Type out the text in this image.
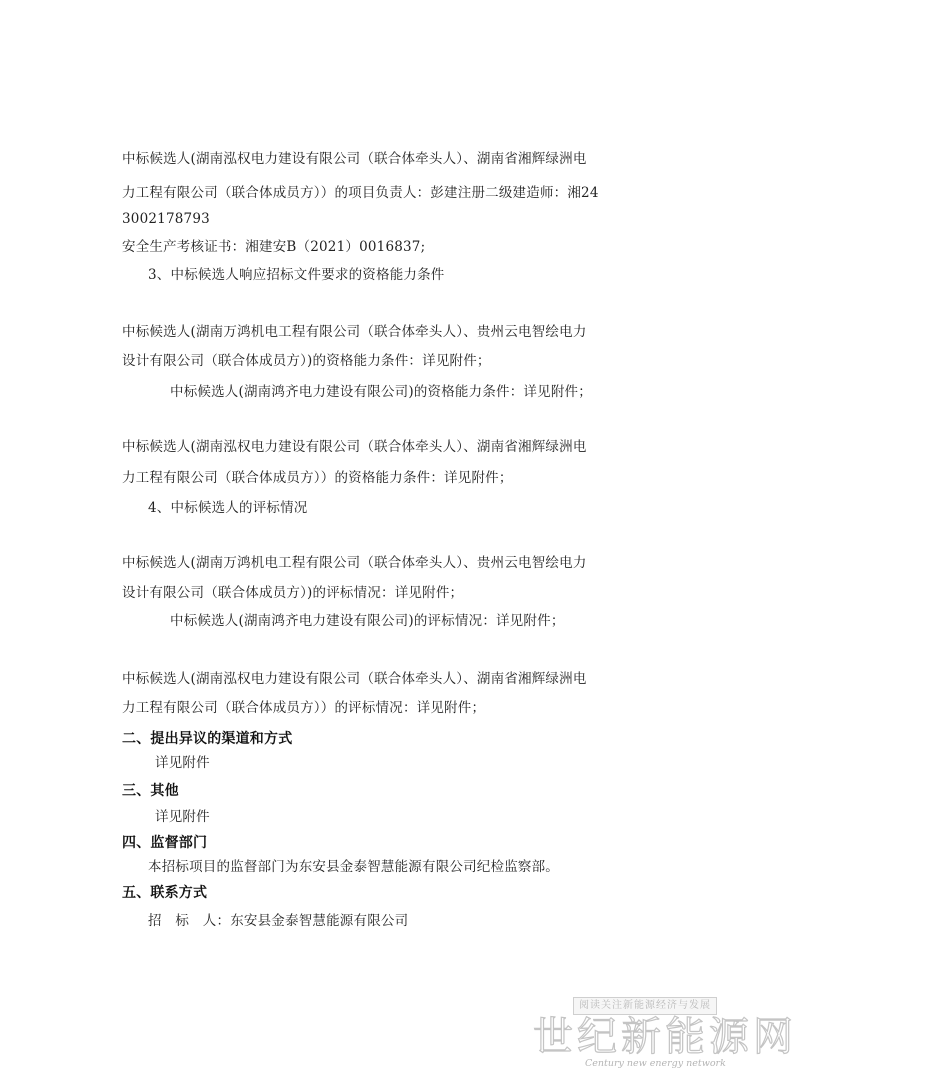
中标候选人(湖南泓权电力建设有限公司（联合体牵头人）、湖南省湘辉绿洲电
力工程有限公司（联合体成员方））的项目负责人：彭建注册二级建造师：湘24
3002178793
安全生产考核证书：湘建安B（2021）0016837;
3、中标候选人响应招标文件要求的资格能力条件
中标候选人(湖南万鸿机电工程有限公司（联合体牵头人）、贵州云电智绘电力
设计有限公司（联合体成员方）)的资格能力条件：详见附件；
中标候选人(湖南鸿齐电力建设有限公司)的资格能力条件：详见附件；
中标候选人(湖南泓权电力建设有限公司（联合体牵头人）、湖南省湘辉绿洲电
力工程有限公司（联合体成员方））的资格能力条件：详见附件；
4、中标候选人的评标情况
中标候选人(湖南万鸿机电工程有限公司（联合体牵头人）、贵州云电智绘电力
设计有限公司（联合体成员方）)的评标情况：详见附件；
中标候选人(湖南鸿齐电力建设有限公司)的评标情况：详见附件；
中标候选人(湖南泓权电力建设有限公司（联合体牵头人）、湖南省湘辉绿洲电
力工程有限公司（联合体成员方））的评标情况：详见附件；
二、提出异议的渠道和方式
详见附件
三、其他
详见附件
四、监督部门
本招标项目的监督部门为东安县金泰智慧能源有限公司纪检监察部。
五、联系方式
招　标　人：东安县金泰智慧能源有限公司
阅读关注新能源经济与发展
世纪新能源网
Century new energy network
